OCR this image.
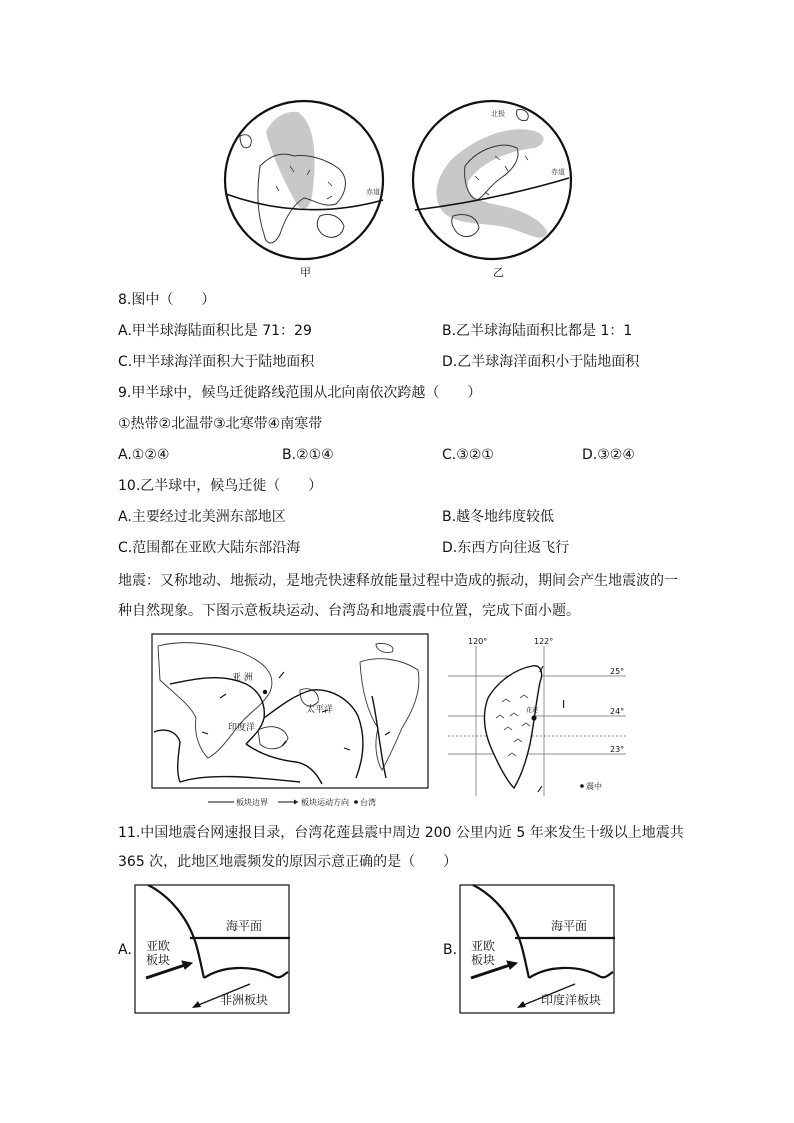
赤道
甲
赤道
北极
乙
8.图中（　　）
A.甲半球海陆面积比是 71：29	B.乙半球海陆面积比都是 1：1
C.甲半球海洋面积大于陆地面积	D.乙半球海洋面积小于陆地面积
9.甲半球中，候鸟迁徙路线范围从北向南依次跨越（　　）
①热带②北温带③北寒带④南寒带
A.①②④	B.②①④	C.③②①	D.③②④
10.乙半球中，候鸟迁徙（　　）
A.主要经过北美洲东部地区	B.越冬地纬度较低
C.范围都在亚欧大陆东部沿海	D.东西方向往返飞行
地震：又称地动、地振动，是地壳快速释放能量过程中造成的振动，期间会产生地震波的一种自然现象。下图示意板块运动、台湾岛和地震震中位置，完成下面小题。
亚 洲
太平洋
印度洋
板块边界	板块运动方向 台湾
120°	122°
25°
24°
23°
花莲 I
震中
11.中国地震台网速报目录，台湾花莲县震中周边 200 公里内近 5 年来发生十级以上地震共
365 次，此地区地震频发的原因示意正确的是（　　）
A.
海平面
亚欧
板块
非洲板块
B.
海平面
亚欧
板块
印度洋板块
